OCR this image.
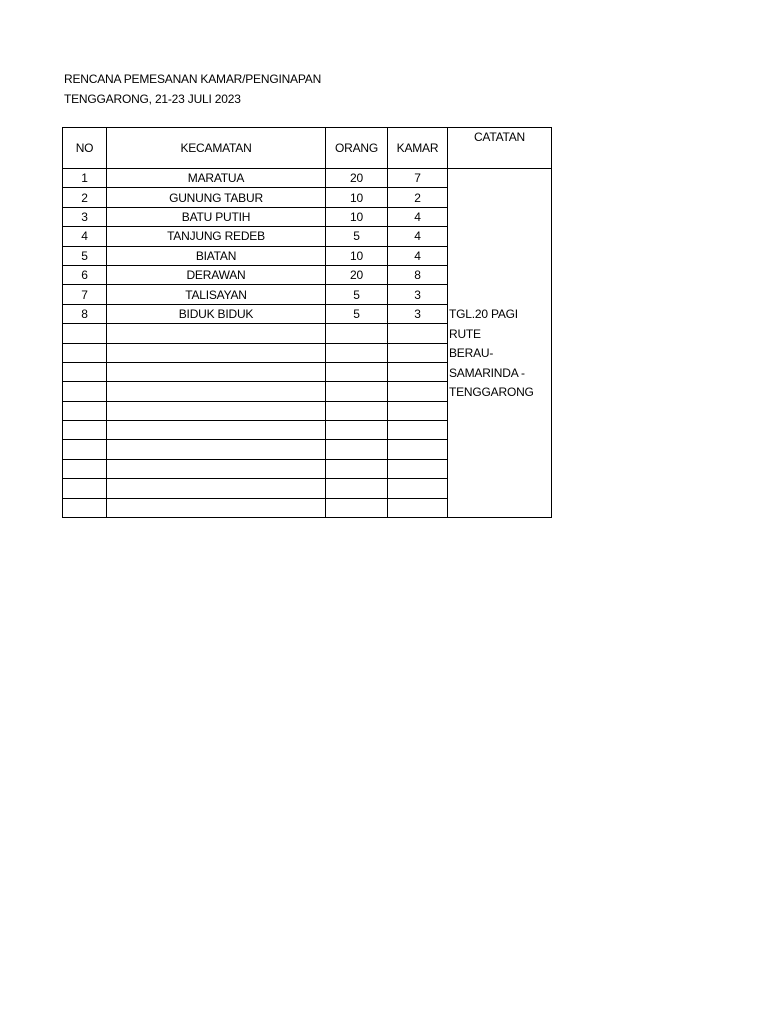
RENCANA PEMESANAN KAMAR/PENGINAPAN
TENGGARONG, 21-23 JULI 2023
NO	KECAMATAN	ORANG	KAMAR	CATATAN
1	MARATUA	20	7	TGL.20 PAGI
RUTE
BERAU-
SAMARINDA -
TENGGARONG

2	GUNUNG TABUR	10	2	
3	BATU PUTIH	10	4	
4	TANJUNG REDEB	5	4	
5	BIATAN	10	4	
6	DERAWAN	20	8	
7	TALISAYAN	5	3	
8	BIDUK BIDUK	5	3	
